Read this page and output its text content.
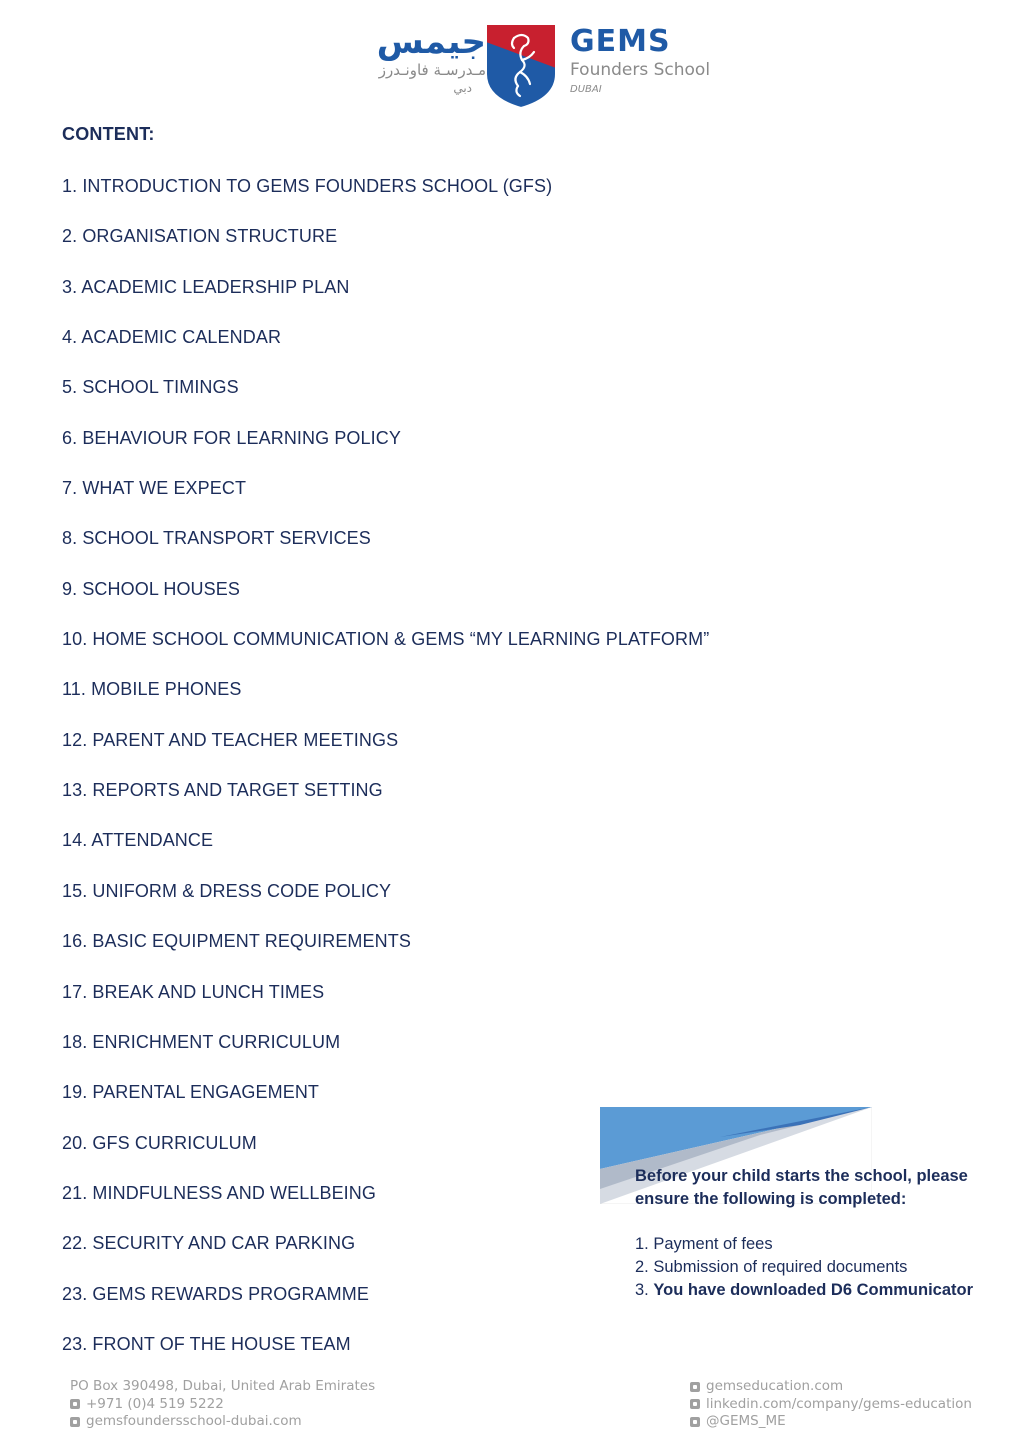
جيمس
مـدرسـة فاونـدرز
دبي
GEMS
Founders School
DUBAI
CONTENT:
1. INTRODUCTION TO GEMS FOUNDERS SCHOOL (GFS)
2. ORGANISATION STRUCTURE
3. ACADEMIC LEADERSHIP PLAN
4. ACADEMIC CALENDAR
5. SCHOOL TIMINGS
6. BEHAVIOUR FOR LEARNING POLICY
7. WHAT WE EXPECT
8. SCHOOL TRANSPORT SERVICES
9. SCHOOL HOUSES
10. HOME SCHOOL COMMUNICATION & GEMS “MY LEARNING PLATFORM”
11. MOBILE PHONES
12. PARENT AND TEACHER MEETINGS
13. REPORTS AND TARGET SETTING
14. ATTENDANCE
15. UNIFORM & DRESS CODE POLICY
16. BASIC EQUIPMENT REQUIREMENTS
17. BREAK AND LUNCH TIMES
18. ENRICHMENT CURRICULUM
19. PARENTAL ENGAGEMENT
20. GFS CURRICULUM
21. MINDFULNESS AND WELLBEING
22. SECURITY AND CAR PARKING
23. GEMS REWARDS PROGRAMME
23. FRONT OF THE HOUSE TEAM
Before your child starts the school, please ensure the following is completed:
1. Payment of fees
2. Submission of required documents
3. You have downloaded D6 Communicator
PO Box 390498, Dubai, United Arab Emirates
+971 (0)4 519 5222
gemsfoundersschool-dubai.com
gemseducation.com
linkedin.com/company/gems-education
@GEMS_ME
